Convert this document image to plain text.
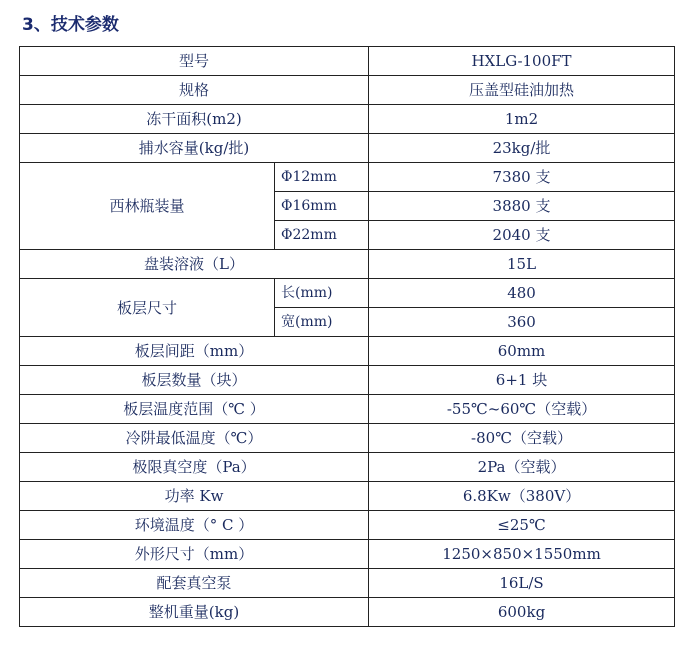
3、技术参数
型号		HXLG-100FT
规格		压盖型硅油加热
冻干面积(m2)		1m2
捕水容量(kg/批)		23kg/批
西林瓶装量	Φ12mm	7380 支
	Φ16mm	3880 支
	Φ22mm	2040 支
盘装溶液（L）		15L
板层尺寸	长(mm)	480
	宽(mm)	360
板层间距（mm）		60mm
板层数量（块）		6+1 块
板层温度范围（℃ ）		-55℃~60℃（空载）
冷阱最低温度（℃）		-80℃（空载）
极限真空度（Pa）		2Pa（空载）
功率 Kw		6.8Kw（380V）
环境温度（° C ）		≤25℃
外形尺寸（mm）		1250×850×1550mm
配套真空泵		16L/S
整机重量(kg)		600kg
